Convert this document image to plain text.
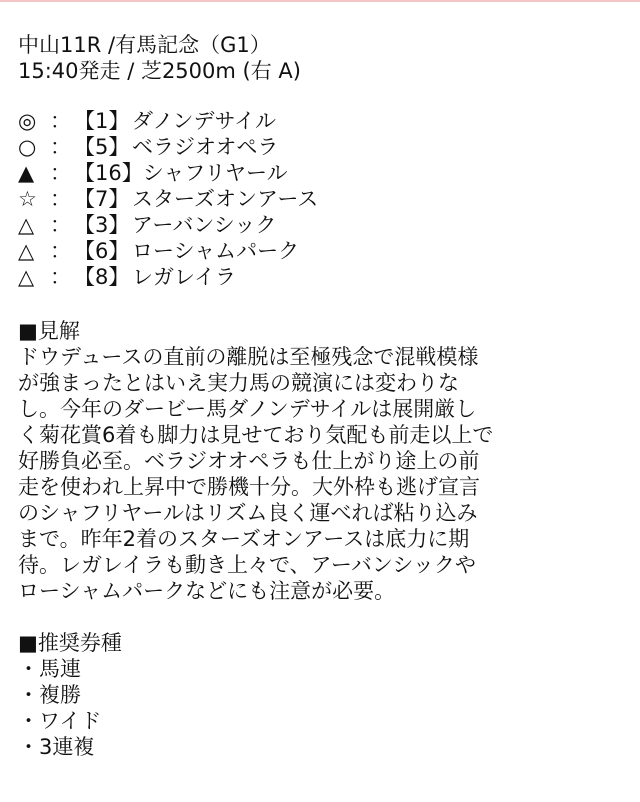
中山11R /有馬記念（G1）
15:40発走 / 芝2500m (右 A)
◎ ： 【1】 ダノンデサイル
○ ： 【5】 ベラジオオペラ
▲ ： 【16】 シャフリヤール
☆ ： 【7】 スターズオンアース
△ ： 【3】 アーバンシック
△ ： 【6】 ローシャムパーク
△ ： 【8】 レガレイラ
■見解
ドウデュースの直前の離脱は至極残念で混戦模様
が強まったとはいえ実力馬の競演には変わりな
し。今年のダービー馬ダノンデサイルは展開厳し
く菊花賞6着も脚力は見せており気配も前走以上で
好勝負必至。ベラジオオペラも仕上がり途上の前
走を使われ上昇中で勝機十分。大外枠も逃げ宣言
のシャフリヤールはリズム良く運べれば粘り込み
まで。昨年2着のスターズオンアースは底力に期
待。レガレイラも動き上々で、アーバンシックや
ローシャムパークなどにも注意が必要。
■推奨券種
・馬連
・複勝
・ワイド
・3連複
